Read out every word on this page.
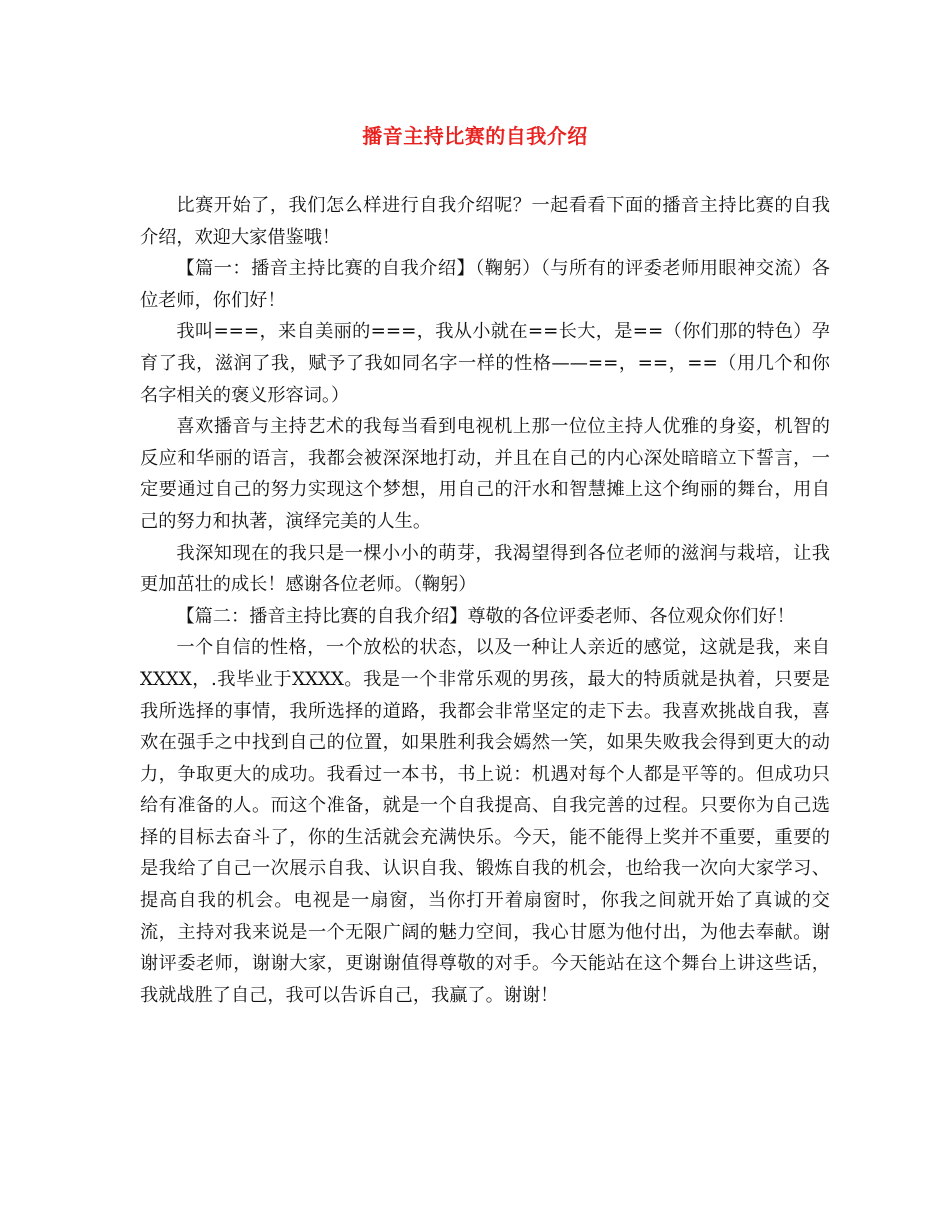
播音主持比赛的自我介绍

比赛开始了，我们怎么样进行自我介绍呢？一起看看下面的播音主持比赛的自我介绍，欢迎大家借鉴哦！

【篇一：播音主持比赛的自我介绍】（鞠躬）（与所有的评委老师用眼神交流）各位老师，你们好！

我叫===，来自美丽的===，我从小就在==长大，是==（你们那的特色）孕育了我，滋润了我，赋予了我如同名字一样的性格——==，==，==（用几个和你名字相关的褒义形容词。）

喜欢播音与主持艺术的我每当看到电视机上那一位位主持人优雅的身姿，机智的反应和华丽的语言，我都会被深深地打动，并且在自己的内心深处暗暗立下誓言，一定要通过自己的努力实现这个梦想，用自己的汗水和智慧摊上这个绚丽的舞台，用自己的努力和执著，演绎完美的人生。

我深知现在的我只是一棵小小的萌芽，我渴望得到各位老师的滋润与栽培，让我更加茁壮的成长！感谢各位老师。（鞠躬）

【篇二：播音主持比赛的自我介绍】尊敬的各位评委老师、各位观众你们好！

一个自信的性格，一个放松的状态，以及一种让人亲近的感觉，这就是我，来自XXXX，.我毕业于XXXX。我是一个非常乐观的男孩，最大的特质就是执着，只要是我所选择的事情，我所选择的道路，我都会非常坚定的走下去。我喜欢挑战自我，喜欢在强手之中找到自己的位置，如果胜利我会嫣然一笑，如果失败我会得到更大的动力，争取更大的成功。我看过一本书，书上说：机遇对每个人都是平等的。但成功只给有准备的人。而这个准备，就是一个自我提高、自我完善的过程。只要你为自己选择的目标去奋斗了，你的生活就会充满快乐。今天，能不能得上奖并不重要，重要的是我给了自己一次展示自我、认识自我、锻炼自我的机会，也给我一次向大家学习、提高自我的机会。电视是一扇窗，当你打开着扇窗时，你我之间就开始了真诚的交流，主持对我来说是一个无限广阔的魅力空间，我心甘愿为他付出，为他去奉献。谢谢评委老师，谢谢大家，更谢谢值得尊敬的对手。今天能站在这个舞台上讲这些话，我就战胜了自己，我可以告诉自己，我赢了。谢谢！
